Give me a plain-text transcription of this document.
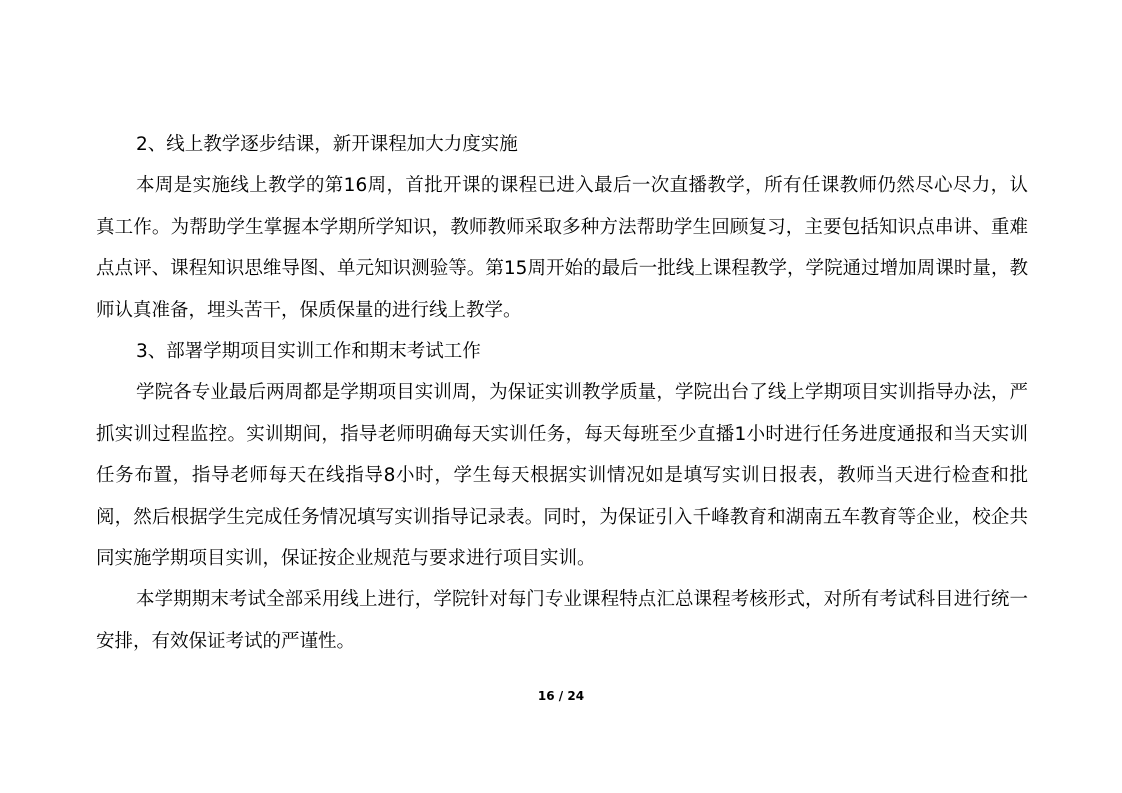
2、线上教学逐步结课，新开课程加大力度实施

本周是实施线上教学的第16周，首批开课的课程已进入最后一次直播教学，所有任课教师仍然尽心尽力，认真工作。为帮助学生掌握本学期所学知识，教师教师采取多种方法帮助学生回顾复习，主要包括知识点串讲、重难点点评、课程知识思维导图、单元知识测验等。第15周开始的最后一批线上课程教学，学院通过增加周课时量，教师认真准备，埋头苦干，保质保量的进行线上教学。

3、部署学期项目实训工作和期末考试工作

学院各专业最后两周都是学期项目实训周，为保证实训教学质量，学院出台了线上学期项目实训指导办法，严抓实训过程监控。实训期间，指导老师明确每天实训任务，每天每班至少直播1小时进行任务进度通报和当天实训任务布置，指导老师每天在线指导8小时，学生每天根据实训情况如是填写实训日报表，教师当天进行检查和批阅，然后根据学生完成任务情况填写实训指导记录表。同时，为保证引入千峰教育和湖南五车教育等企业，校企共同实施学期项目实训，保证按企业规范与要求进行项目实训。

本学期期末考试全部采用线上进行，学院针对每门专业课程特点汇总课程考核形式，对所有考试科目进行统一安排，有效保证考试的严谨性。

16 / 24
